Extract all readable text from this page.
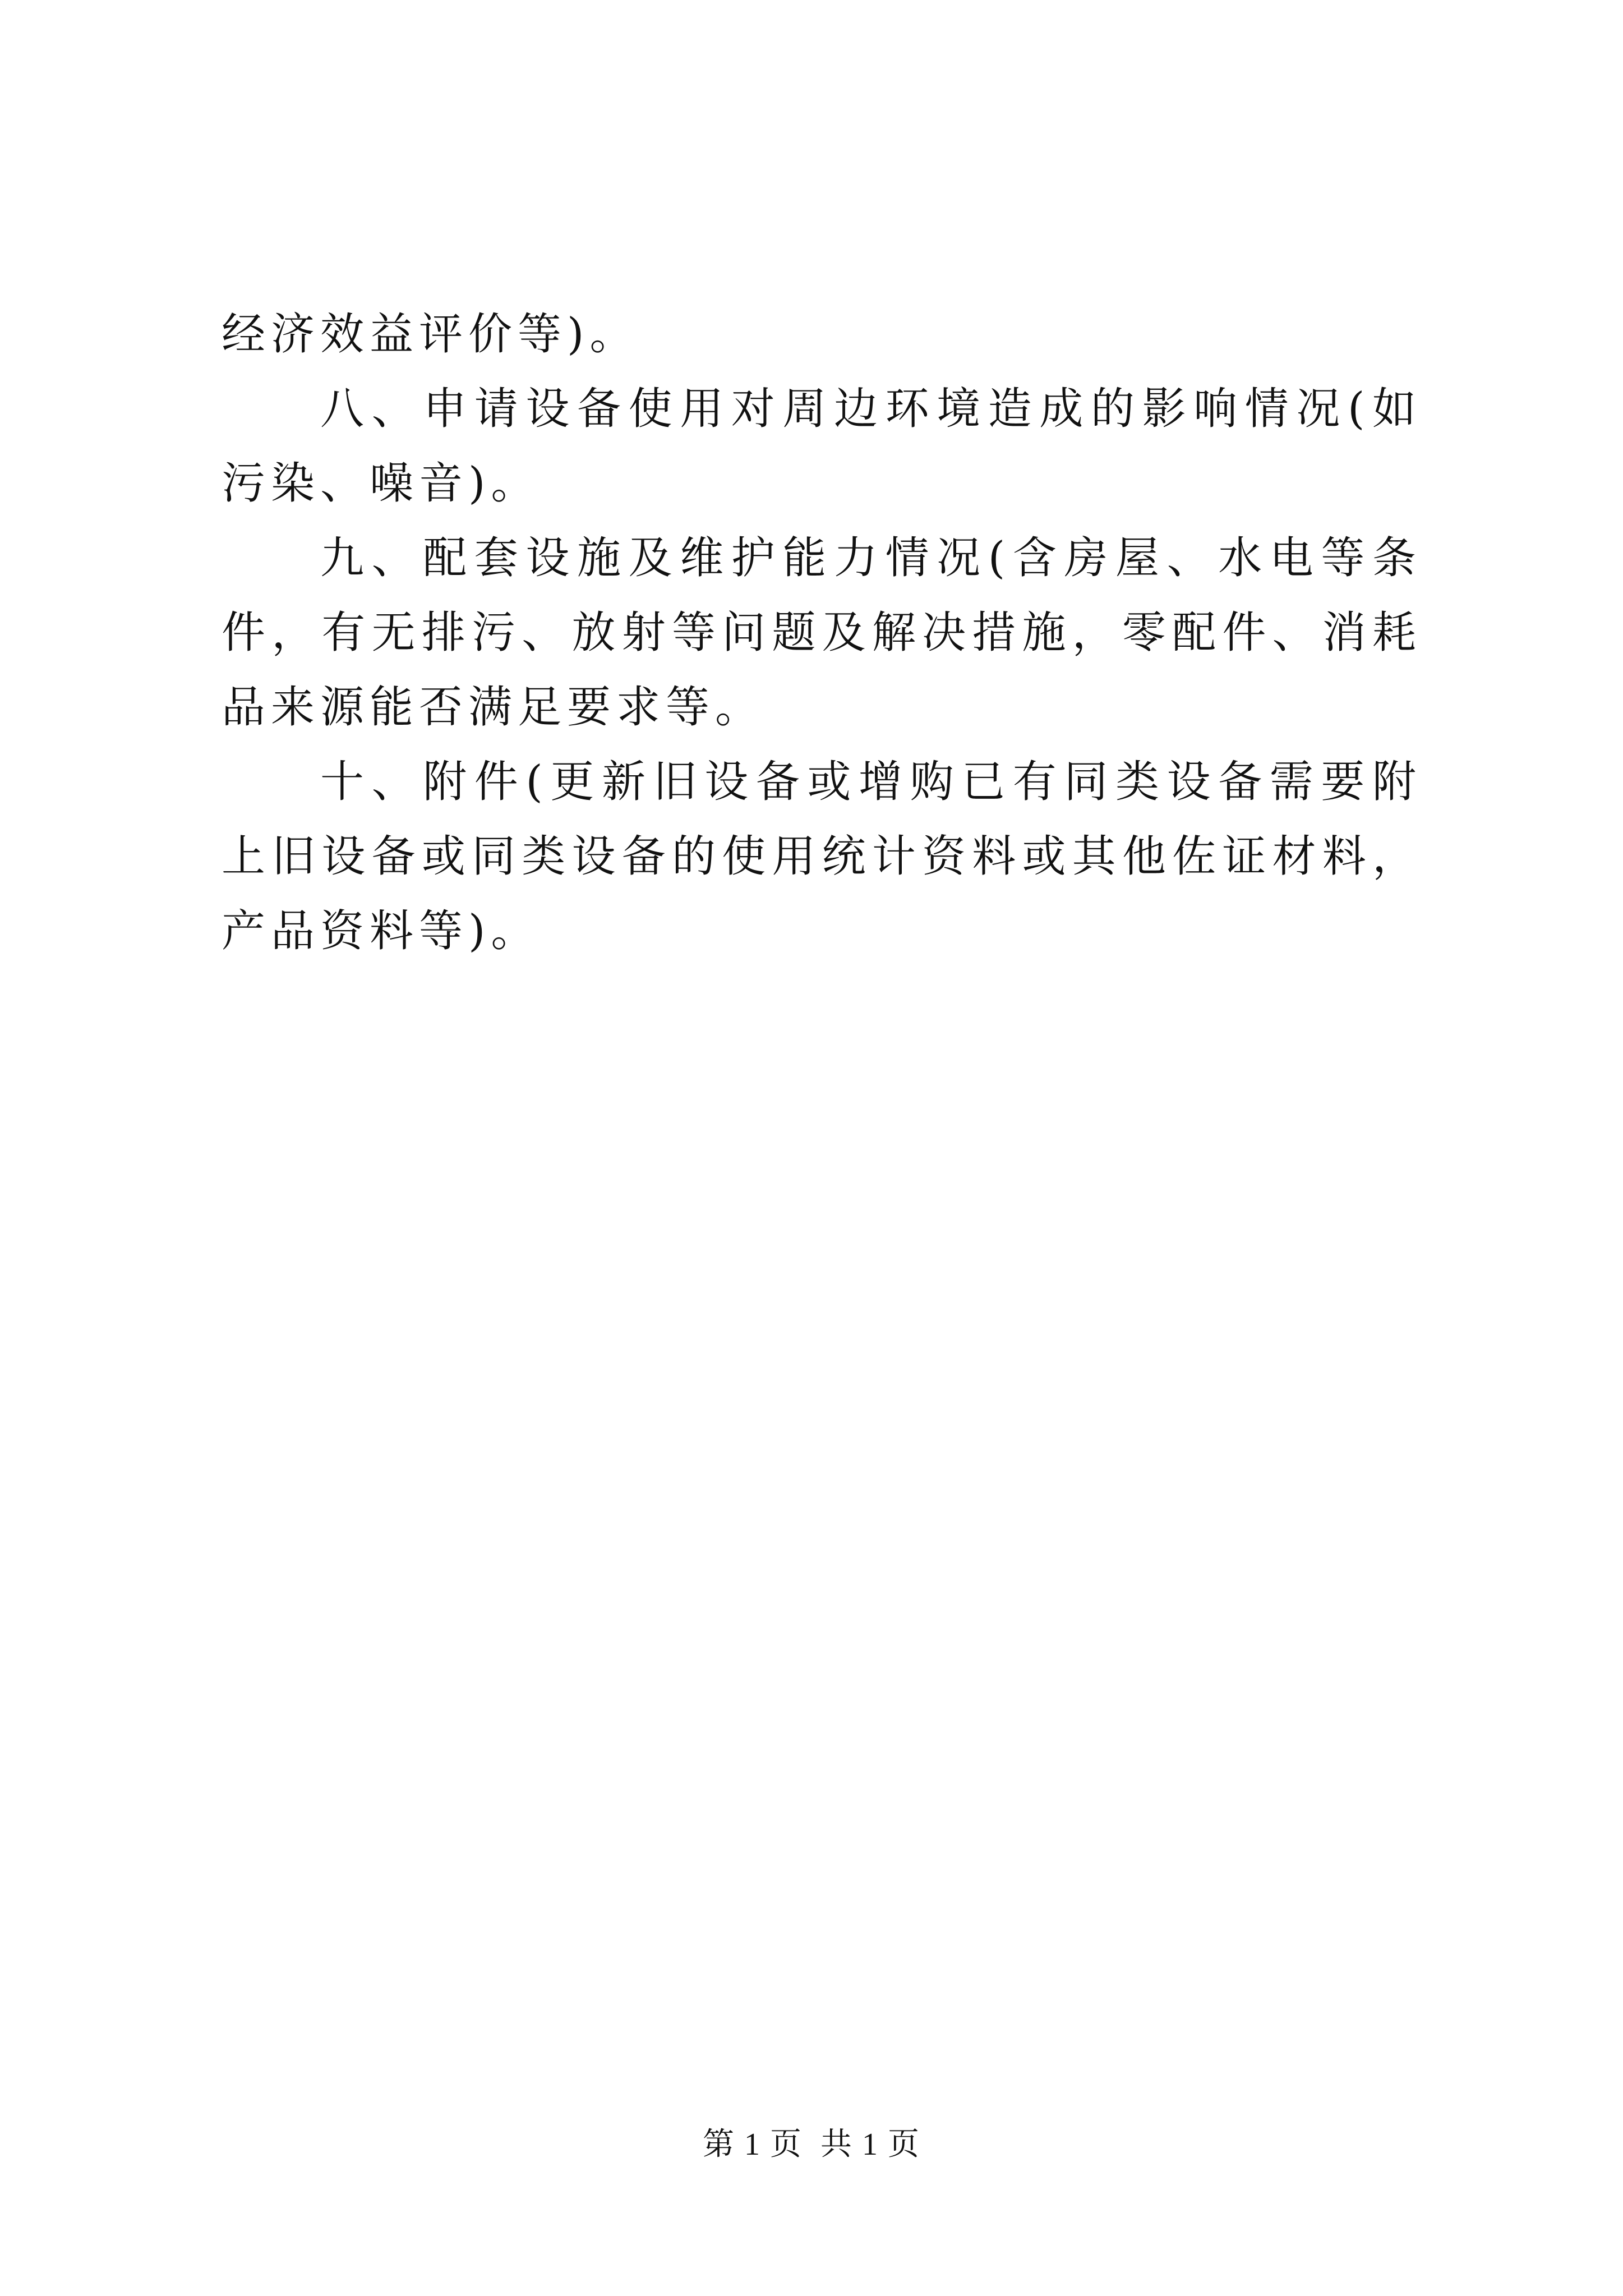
经济效益评价等)。

八、申请设备使用对周边环境造成的影响情况(如污染、噪音)。

九、配套设施及维护能力情况(含房屋、水电等条件，有无排污、放射等问题及解决措施，零配件、消耗品来源能否满足要求等。

十、附件(更新旧设备或增购已有同类设备需要附上旧设备或同类设备的使用统计资料或其他佐证材料，产品资料等)。

第 1 页  共 1 页
